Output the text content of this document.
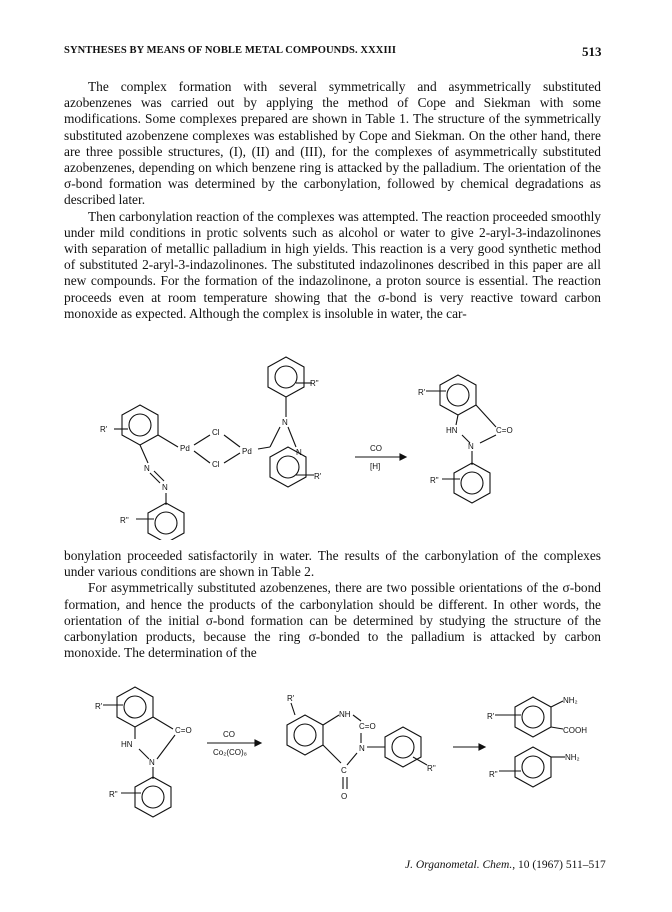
SYNTHESES BY MEANS OF NOBLE METAL COMPOUNDS. XXXIII	513

The complex formation with several symmetrically and asymmetrically substituted azobenzenes was carried out by applying the method of Cope and Siekman with some modifications. Some complexes prepared are shown in Table 1. The structure of the symmetrically substituted azobenzene complexes was established by Cope and Siekman. On the other hand, there are three possible structures, (I), (II) and (III), for the complexes of asymmetrically substituted azobenzenes, depending on which benzene ring is attacked by the palladium. The orientation of the σ-bond formation was determined by the carbonylation, followed by chemical degradations as described later.

Then carbonylation reaction of the complexes was attempted. The reaction proceeded smoothly under mild conditions in protic solvents such as alcohol or water to give 2-aryl-3-indazolinones with separation of metallic palladium in high yields. This reaction is a very good synthetic method of substituted 2-aryl-3-indazolinones. The substituted indazolinones described in this paper are all new compounds. For the formation of the indazolinone, a proton source is essential. The reaction proceeds even at room temperature showing that the σ-bond is very reactive toward carbon monoxide as expected. Although the complex is insoluble in water, the car-

R"
N
N
R'
Pd
Cl
Cl
Pd
N
N
R''
R'
CO
[H]
R'
HN	C=O
N
R"

bonylation proceeded satisfactorily in water. The results of the carbonylation of the complexes under various conditions are shown in Table 2.

For asymmetrically substituted azobenzenes, there are two possible orientations of the σ-bond formation, and hence the products of the carbonylation should be different. In other words, the orientation of the initial σ-bond formation can be determined by studying the structure of the carbonylation products, because the ring σ-bonded to the palladium is attacked by carbon monoxide. The determination of the

R'
C=O
HN
N
R"
CO
Co₂(CO)₈
R'
NH
C=O
N
C
O
R''
R'
NH₂
COOH
R"
NH₂
J. Organometal. Chem., 10 (1967) 511–517
